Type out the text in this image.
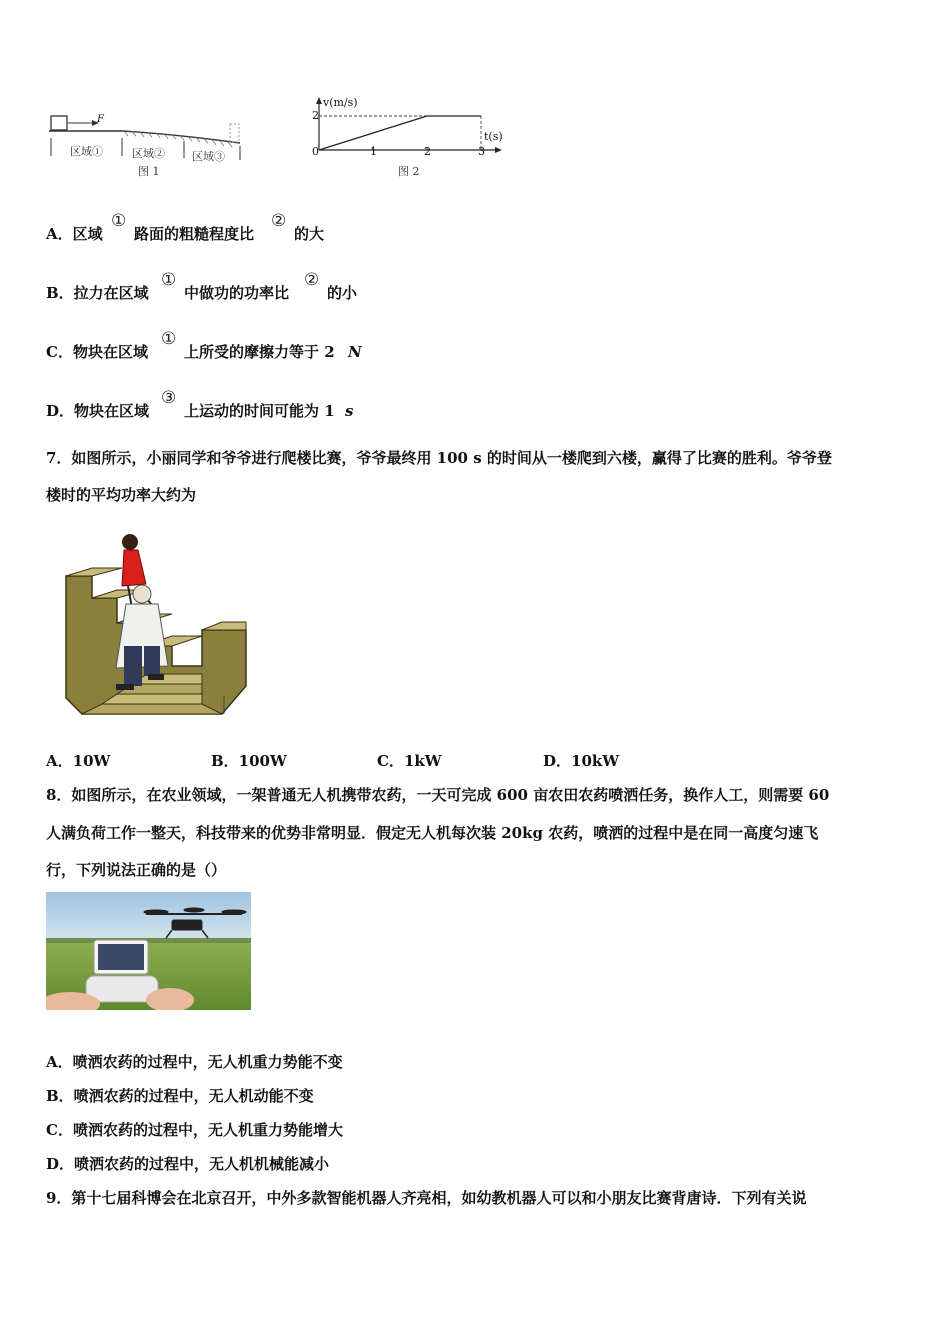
F
区域①	区域② 区域③
图 1
v(m/s)
t(s)
2
0	1	2	3
图 2
A．区域
①
路面的粗糙程度比
②
的大
B．拉力在区域
①
中做功的功率比
②
的小
C．物块在区域
①
上所受的摩擦力等于 2 N
D．物块在区域
③
上运动的时间可能为 1 s
7．如图所示，小丽同学和爷爷进行爬楼比赛，爷爷最终用 100 s 的时间从一楼爬到六楼，赢得了比赛的胜利。爷爷登
楼时的平均功率大约为
A．10W	B．100W	C．1kW	D．10kW
8．如图所示，在农业领域，一架普通无人机携带农药，一天可完成 600 亩农田农药喷洒任务，换作人工，则需要 60
人满负荷工作一整天，科技带来的优势非常明显．假定无人机每次装 20kg 农药，喷洒的过程中是在同一高度匀速飞
行，下列说法正确的是（）
A．喷洒农药的过程中，无人机重力势能不变
B．喷洒农药的过程中，无人机动能不变
C．喷洒农药的过程中，无人机重力势能增大
D．喷洒农药的过程中，无人机机械能减小
9．第十七届科博会在北京召开，中外多款智能机器人齐亮相，如幼教机器人可以和小朋友比赛背唐诗．下列有关说
